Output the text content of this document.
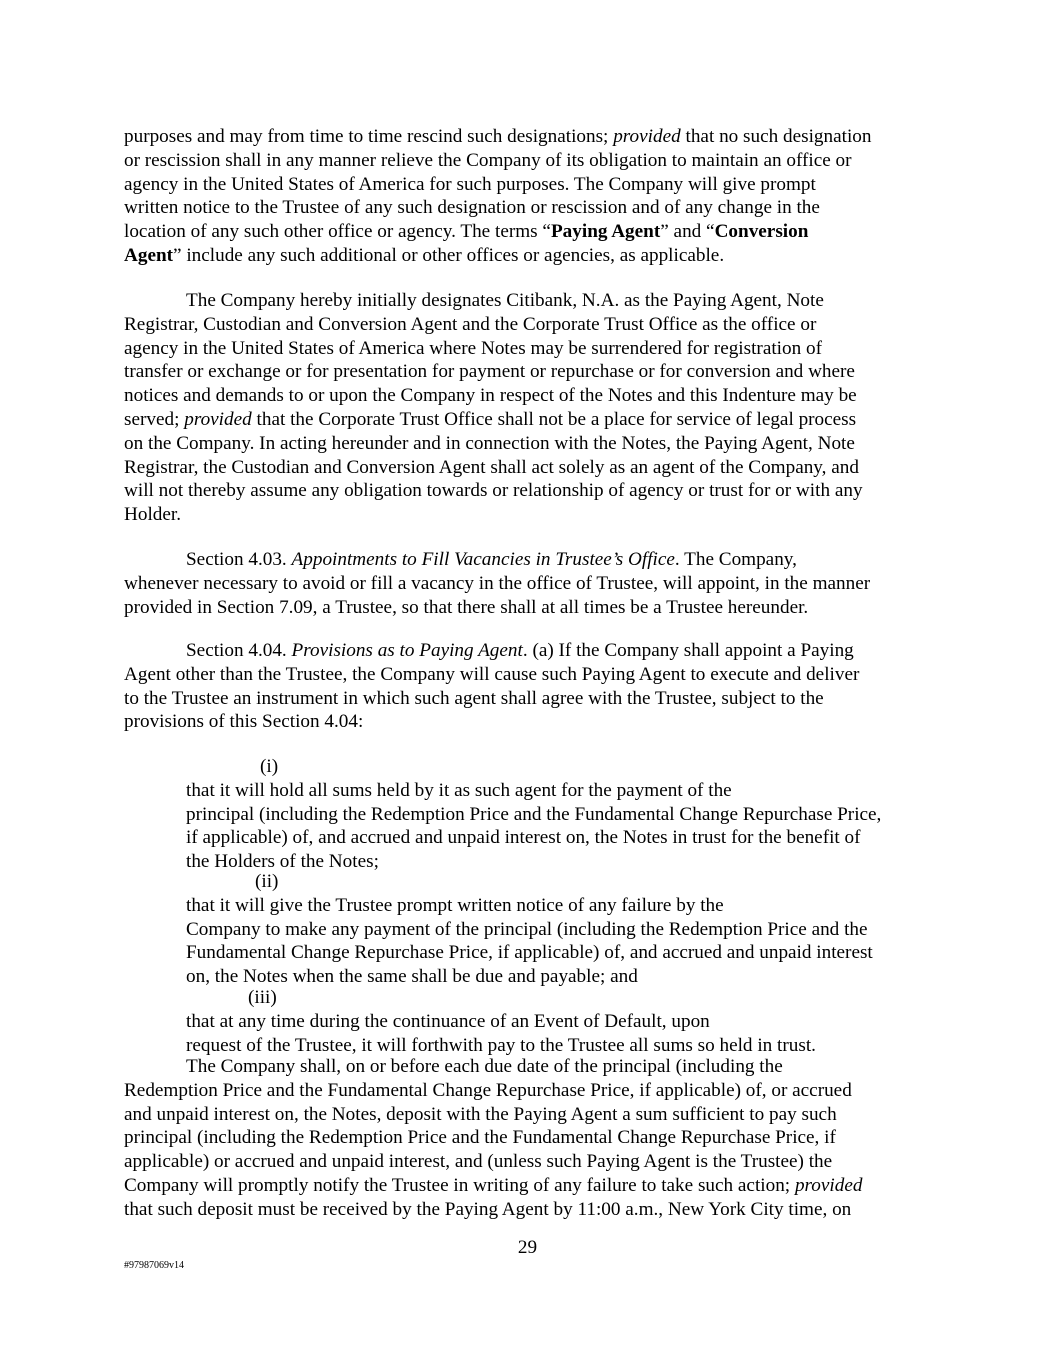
purposes and may from time to time rescind such designations; provided that no such designation
or rescission shall in any manner relieve the Company of its obligation to maintain an office or
agency in the United States of America for such purposes. The Company will give prompt
written notice to the Trustee of any such designation or rescission and of any change in the
location of any such other office or agency. The terms “Paying Agent” and “Conversion
Agent” include any such additional or other offices or agencies, as applicable.

The Company hereby initially designates Citibank, N.A. as the Paying Agent, Note
Registrar, Custodian and Conversion Agent and the Corporate Trust Office as the office or
agency in the United States of America where Notes may be surrendered for registration of
transfer or exchange or for presentation for payment or repurchase or for conversion and where
notices and demands to or upon the Company in respect of the Notes and this Indenture may be
served; provided that the Corporate Trust Office shall not be a place for service of legal process
on the Company. In acting hereunder and in connection with the Notes, the Paying Agent, Note
Registrar, the Custodian and Conversion Agent shall act solely as an agent of the Company, and
will not thereby assume any obligation towards or relationship of agency or trust for or with any
Holder.

Section 4.03. Appointments to Fill Vacancies in Trustee’s Office. The Company,
whenever necessary to avoid or fill a vacancy in the office of Trustee, will appoint, in the manner
provided in Section 7.09, a Trustee, so that there shall at all times be a Trustee hereunder.

Section 4.04. Provisions as to Paying Agent. (a) If the Company shall appoint a Paying
Agent other than the Trustee, the Company will cause such Paying Agent to execute and deliver
to the Trustee an instrument in which such agent shall agree with the Trustee, subject to the
provisions of this Section 4.04:

(i)
that it will hold all sums held by it as such agent for the payment of the
principal (including the Redemption Price and the Fundamental Change Repurchase Price,
if applicable) of, and accrued and unpaid interest on, the Notes in trust for the benefit of
the Holders of the Notes;

(ii)
that it will give the Trustee prompt written notice of any failure by the
Company to make any payment of the principal (including the Redemption Price and the
Fundamental Change Repurchase Price, if applicable) of, and accrued and unpaid interest
on, the Notes when the same shall be due and payable; and

(iii)
that at any time during the continuance of an Event of Default, upon
request of the Trustee, it will forthwith pay to the Trustee all sums so held in trust.

The Company shall, on or before each due date of the principal (including the
Redemption Price and the Fundamental Change Repurchase Price, if applicable) of, or accrued
and unpaid interest on, the Notes, deposit with the Paying Agent a sum sufficient to pay such
principal (including the Redemption Price and the Fundamental Change Repurchase Price, if
applicable) or accrued and unpaid interest, and (unless such Paying Agent is the Trustee) the
Company will promptly notify the Trustee in writing of any failure to take such action; provided
that such deposit must be received by the Paying Agent by 11:00 a.m., New York City time, on

29
#97987069v14
